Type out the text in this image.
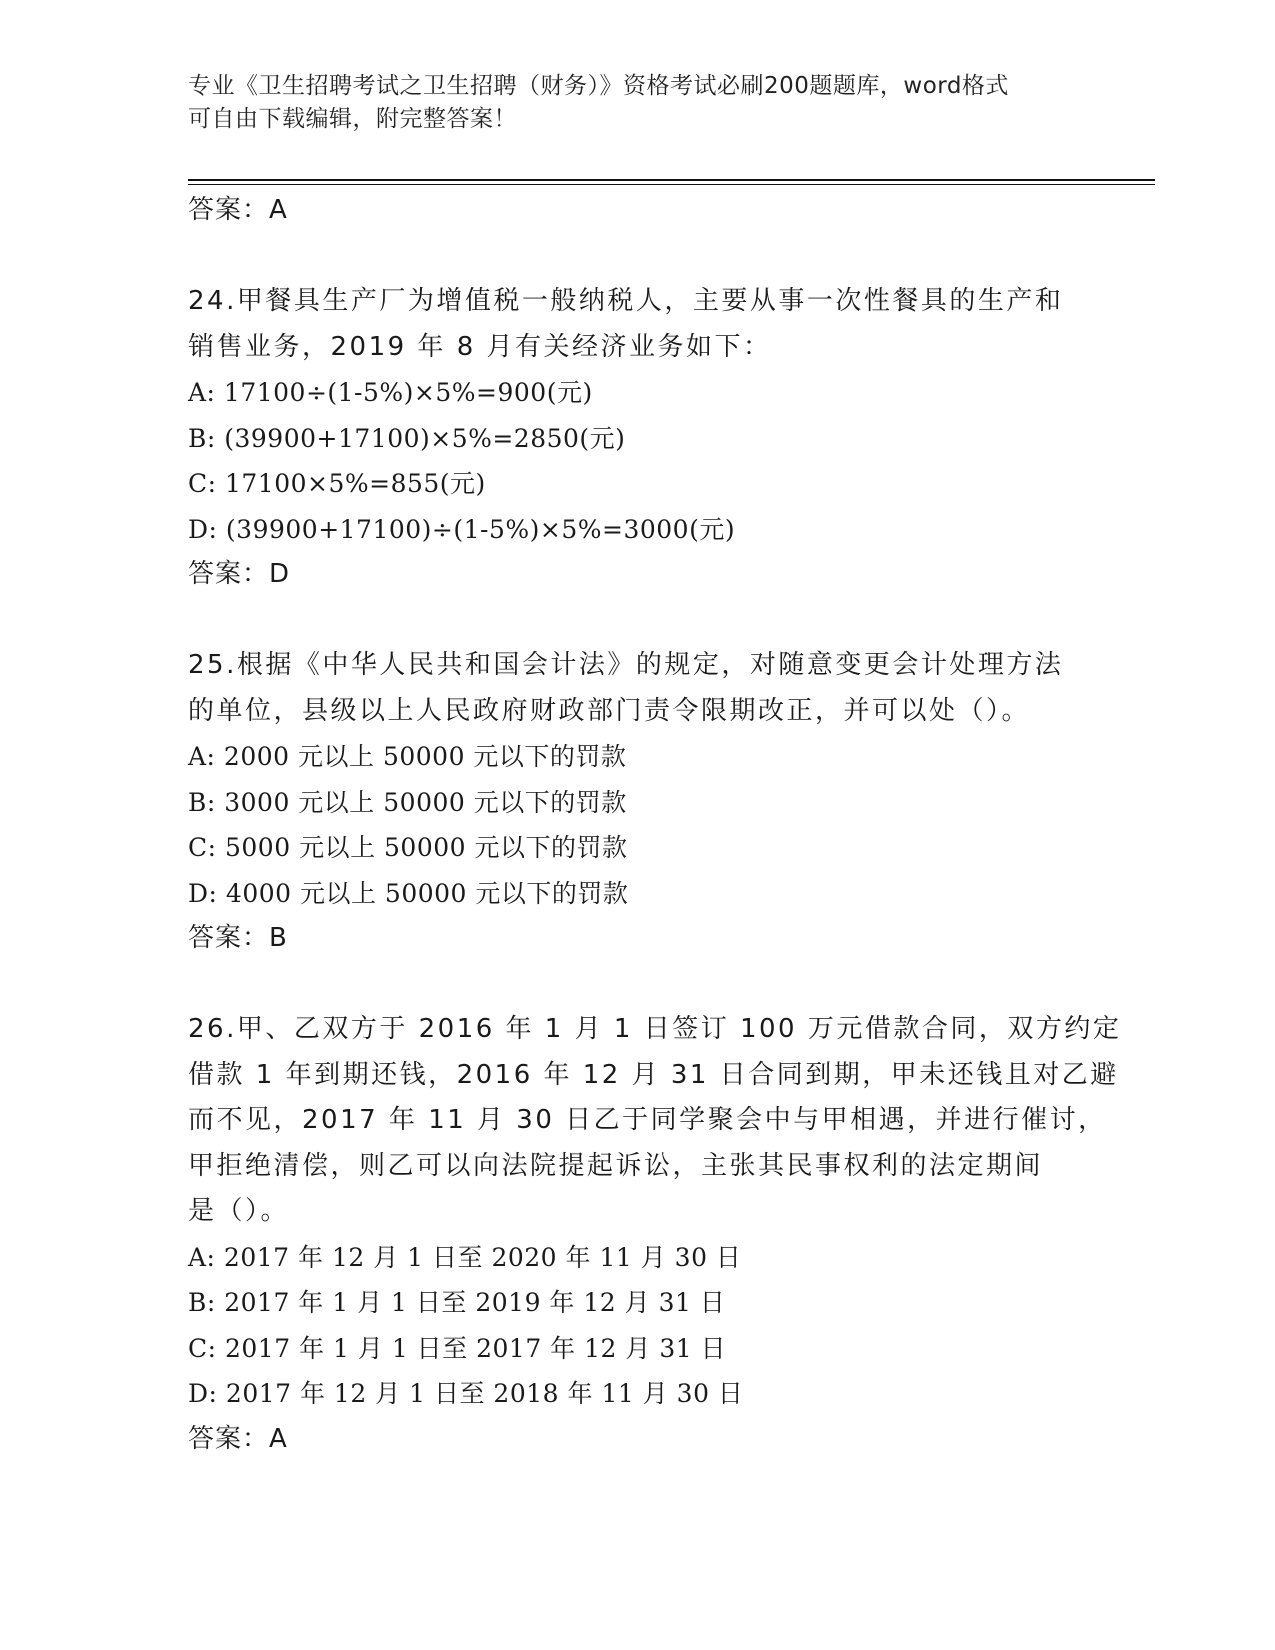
专业《卫生招聘考试之卫生招聘（财务）》资格考试必刷200题题库，word格式
可自由下载编辑，附完整答案！
答案：A
24.甲餐具生产厂为增值税一般纳税人，主要从事一次性餐具的生产和
销售业务，2019 年 8 月有关经济业务如下：
A: 17100÷(1-5%)×5%=900(元)
B: (39900+17100)×5%=2850(元)
C: 17100×5%=855(元)
D: (39900+17100)÷(1-5%)×5%=3000(元)
答案：D
25.根据《中华人民共和国会计法》的规定，对随意变更会计处理方法
的单位，县级以上人民政府财政部门责令限期改正，并可以处（）。
A: 2000 元以上 50000 元以下的罚款
B: 3000 元以上 50000 元以下的罚款
C: 5000 元以上 50000 元以下的罚款
D: 4000 元以上 50000 元以下的罚款
答案：B
26.甲、乙双方于 2016 年 1 月 1 日签订 100 万元借款合同，双方约定
借款 1 年到期还钱，2016 年 12 月 31 日合同到期，甲未还钱且对乙避
而不见，2017 年 11 月 30 日乙于同学聚会中与甲相遇，并进行催讨，
甲拒绝清偿，则乙可以向法院提起诉讼，主张其民事权利的法定期间
是（）。
A: 2017 年 12 月 1 日至 2020 年 11 月 30 日
B: 2017 年 1 月 1 日至 2019 年 12 月 31 日
C: 2017 年 1 月 1 日至 2017 年 12 月 31 日
D: 2017 年 12 月 1 日至 2018 年 11 月 30 日
答案：A
